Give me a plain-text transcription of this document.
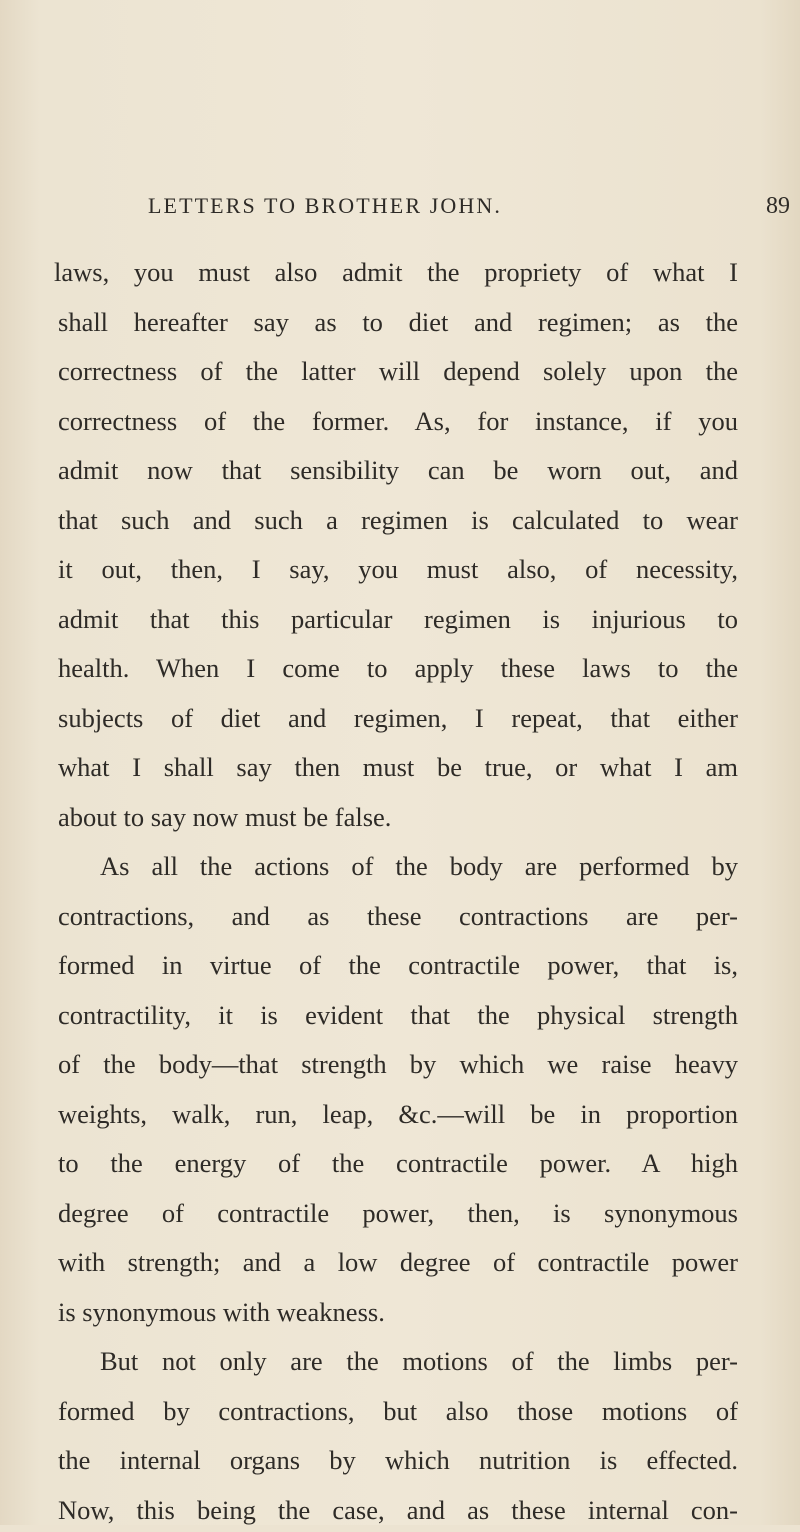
LETTERS TO BROTHER JOHN.	89
laws, you must also admit the propriety of what I
shall hereafter say as to diet and regimen; as the
correctness of the latter will depend solely upon the
correctness of the former. As, for instance, if you
admit now that sensibility can be worn out, and
that such and such a regimen is calculated to wear
it out, then, I say, you must also, of necessity,
admit that this particular regimen is injurious to
health. When I come to apply these laws to the
subjects of diet and regimen, I repeat, that either
what I shall say then must be true, or what I am
about to say now must be false.
As all the actions of the body are performed by
contractions, and as these contractions are per-
formed in virtue of the contractile power, that is,
contractility, it is evident that the physical strength
of the body—that strength by which we raise heavy
weights, walk, run, leap, &c.—will be in proportion
to the energy of the contractile power. A high
degree of contractile power, then, is synonymous
with strength; and a low degree of contractile power
is synonymous with weakness.
But not only are the motions of the limbs per-
formed by contractions, but also those motions of
the internal organs by which nutrition is effected.
Now, this being the case, and as these internal con-
